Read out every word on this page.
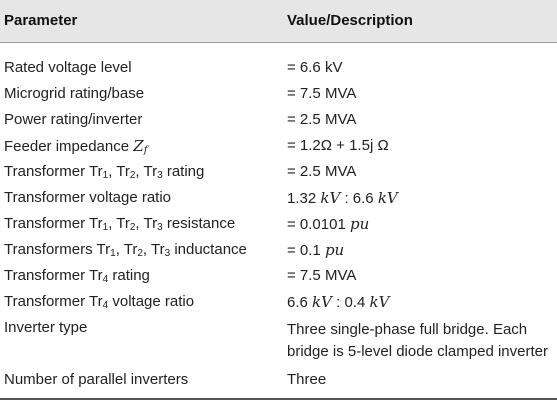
Parameter	Value/Description
Rated voltage level	= 6.6 kV
Microgrid rating/base	= 7.5 MVA
Power rating/inverter	= 2.5 MVA
Feeder impedance $Z_f$	= 1.2Ω + 1.5j Ω
Transformer $Tr_1$, $Tr_2$, $Tr_3$ rating	= 2.5 MVA
Transformer voltage ratio	1.32 kV : 6.6 kV
Transformer $Tr_1$, $Tr_2$, $Tr_3$ resistance	= 0.0101 pu
Transformers $Tr_1$, $Tr_2$, $Tr_3$ inductance	= 0.1 pu
Transformer $Tr_4$ rating	= 7.5 MVA
Transformer $Tr_4$ voltage ratio	6.6 kV : 0.4 kV
Inverter type	Three single-phase full bridge. Each
bridge is 5-level diode clamped inverter
Number of parallel inverters	Three
